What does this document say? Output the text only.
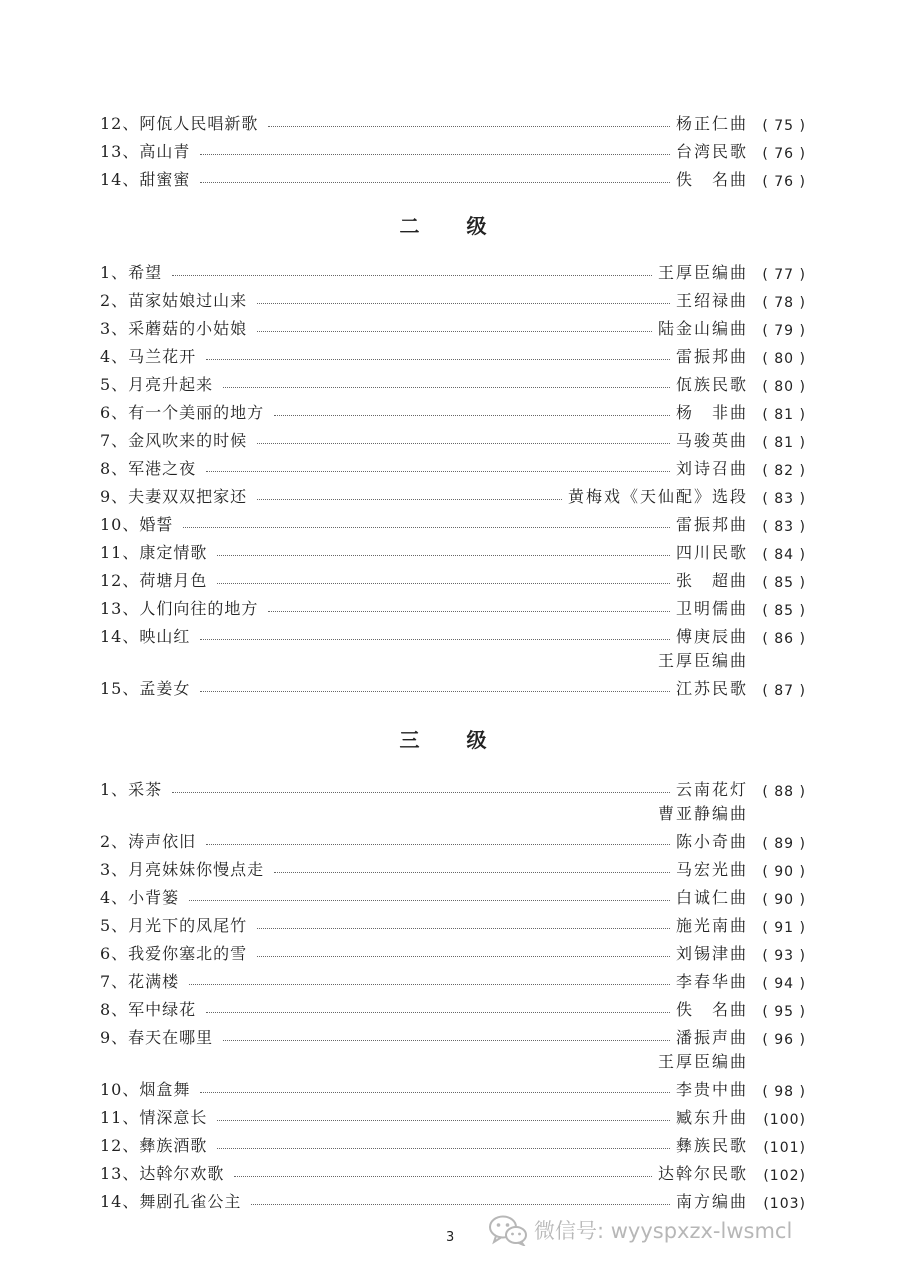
12、阿佤人民唱新歌	杨正仁曲	( 75 )
13、高山青	台湾民歌	( 76 )
14、甜蜜蜜	佚　名曲	( 76 )
二 级
1、希望	王厚臣编曲	( 77 )
2、苗家姑娘过山来	王绍禄曲	( 78 )
3、采蘑菇的小姑娘	陆金山编曲	( 79 )
4、马兰花开	雷振邦曲	( 80 )
5、月亮升起来	佤族民歌	( 80 )
6、有一个美丽的地方	杨　非曲	( 81 )
7、金风吹来的时候	马骏英曲	( 81 )
8、军港之夜	刘诗召曲	( 82 )
9、夫妻双双把家还	黄梅戏《天仙配》选段	( 83 )
10、婚誓	雷振邦曲	( 83 )
11、康定情歌	四川民歌	( 84 )
12、荷塘月色	张　超曲	( 85 )
13、人们向往的地方	卫明儒曲	( 85 )
14、映山红	傅庚辰曲	( 86 )
王厚臣编曲
15、孟姜女	江苏民歌	( 87 )
三 级
1、采茶	云南花灯	( 88 )
曹亚静编曲
2、涛声依旧	陈小奇曲	( 89 )
3、月亮妹妹你慢点走	马宏光曲	( 90 )
4、小背篓	白诚仁曲	( 90 )
5、月光下的凤尾竹	施光南曲	( 91 )
6、我爱你塞北的雪	刘锡津曲	( 93 )
7、花满楼	李春华曲	( 94 )
8、军中绿花	佚　名曲	( 95 )
9、春天在哪里	潘振声曲	( 96 )
王厚臣编曲
10、烟盒舞	李贵中曲	( 98 )
11、情深意长	臧东升曲	(100)
12、彝族酒歌	彝族民歌	(101)
13、达斡尔欢歌	达斡尔民歌	(102)
14、舞剧孔雀公主	南方编曲	(103)
3	微信号: wyyspxzx-lwsmcl
